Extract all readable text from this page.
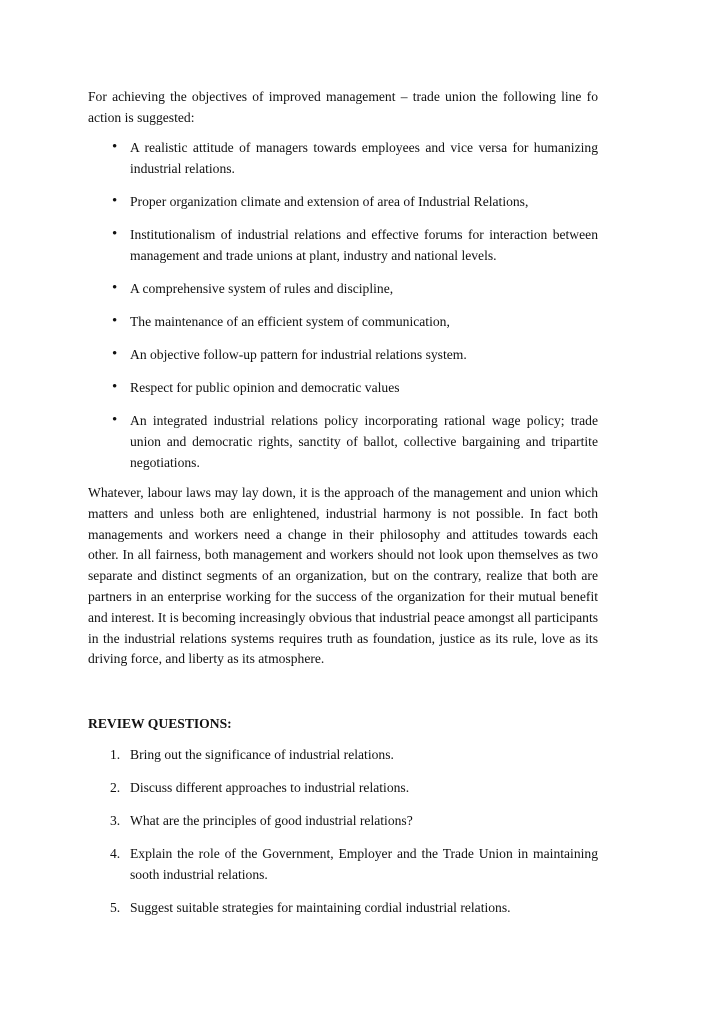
For achieving the objectives of improved management – trade union the following line fo action is suggested:

• A realistic attitude of managers towards employees and vice versa for humanizing industrial relations.
• Proper organization climate and extension of area of Industrial Relations,
• Institutionalism of industrial relations and effective forums for interaction between management and trade unions at plant, industry and national levels.
• A comprehensive system of rules and discipline,
• The maintenance of an efficient system of communication,
• An objective follow-up pattern for industrial relations system.
• Respect for public opinion and democratic values
• An integrated industrial relations policy incorporating rational wage policy; trade union and democratic rights, sanctity of ballot, collective bargaining and tripartite negotiations.

Whatever, labour laws may lay down, it is the approach of the management and union which matters and unless both are enlightened, industrial harmony is not possible. In fact both managements and workers need a change in their philosophy and attitudes towards each other. In all fairness, both management and workers should not look upon themselves as two separate and distinct segments of an organization, but on the contrary, realize that both are partners in an enterprise working for the success of the organization for their mutual benefit and interest. It is becoming increasingly obvious that industrial peace amongst all participants in the industrial relations systems requires truth as foundation, justice as its rule, love as its driving force, and liberty as its atmosphere.

REVIEW QUESTIONS:
1. Bring out the significance of industrial relations.
2. Discuss different approaches to industrial relations.
3. What are the principles of good industrial relations?
4. Explain the role of the Government, Employer and the Trade Union in maintaining sooth industrial relations.
5. Suggest suitable strategies for maintaining cordial industrial relations.
